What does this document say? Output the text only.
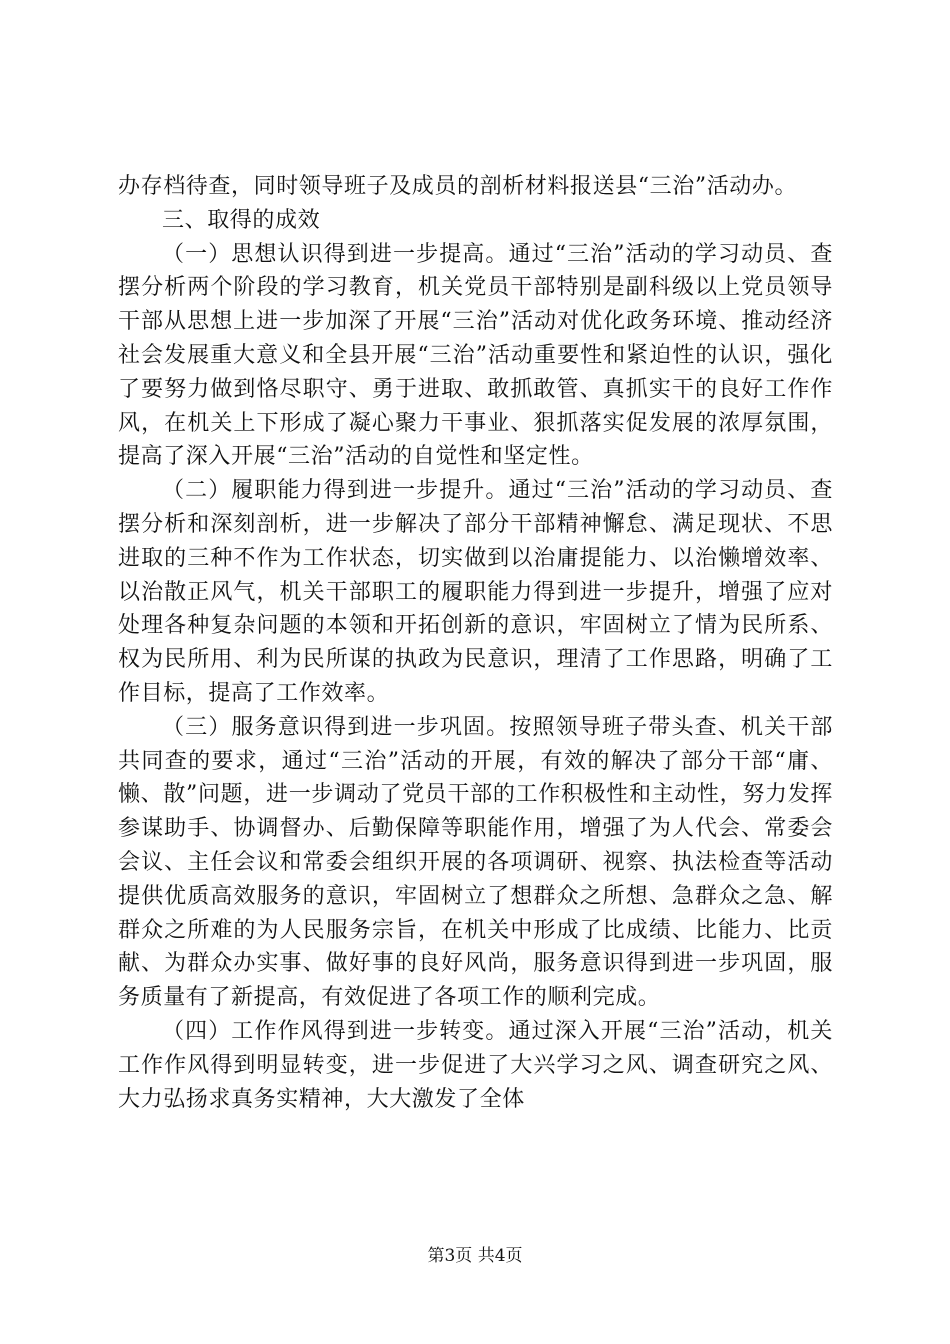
办存档待查，同时领导班子及成员的剖析材料报送县“三治”活动办。

三、取得的成效

（一）思想认识得到进一步提高。通过“三治”活动的学习动员、查摆分析两个阶段的学习教育，机关党员干部特别是副科级以上党员领导干部从思想上进一步加深了开展“三治”活动对优化政务环境、推动经济社会发展重大意义和全县开展“三治”活动重要性和紧迫性的认识，强化了要努力做到恪尽职守、勇于进取、敢抓敢管、真抓实干的良好工作作风，在机关上下形成了凝心聚力干事业、狠抓落实促发展的浓厚氛围，提高了深入开展“三治”活动的自觉性和坚定性。

（二）履职能力得到进一步提升。通过“三治”活动的学习动员、查摆分析和深刻剖析，进一步解决了部分干部精神懈怠、满足现状、不思进取的三种不作为工作状态，切实做到以治庸提能力、以治懒增效率、以治散正风气，机关干部职工的履职能力得到进一步提升，增强了应对处理各种复杂问题的本领和开拓创新的意识，牢固树立了情为民所系、权为民所用、利为民所谋的执政为民意识，理清了工作思路，明确了工作目标，提高了工作效率。

（三）服务意识得到进一步巩固。按照领导班子带头查、机关干部共同查的要求，通过“三治”活动的开展，有效的解决了部分干部“庸、懒、散”问题，进一步调动了党员干部的工作积极性和主动性，努力发挥参谋助手、协调督办、后勤保障等职能作用，增强了为人代会、常委会会议、主任会议和常委会组织开展的各项调研、视察、执法检查等活动提供优质高效服务的意识，牢固树立了想群众之所想、急群众之急、解群众之所难的为人民服务宗旨，在机关中形成了比成绩、比能力、比贡献、为群众办实事、做好事的良好风尚，服务意识得到进一步巩固，服务质量有了新提高，有效促进了各项工作的顺利完成。

（四）工作作风得到进一步转变。通过深入开展“三治”活动，机关工作作风得到明显转变，进一步促进了大兴学习之风、调查研究之风、大力弘扬求真务实精神，大大激发了全体

第3页 共4页
